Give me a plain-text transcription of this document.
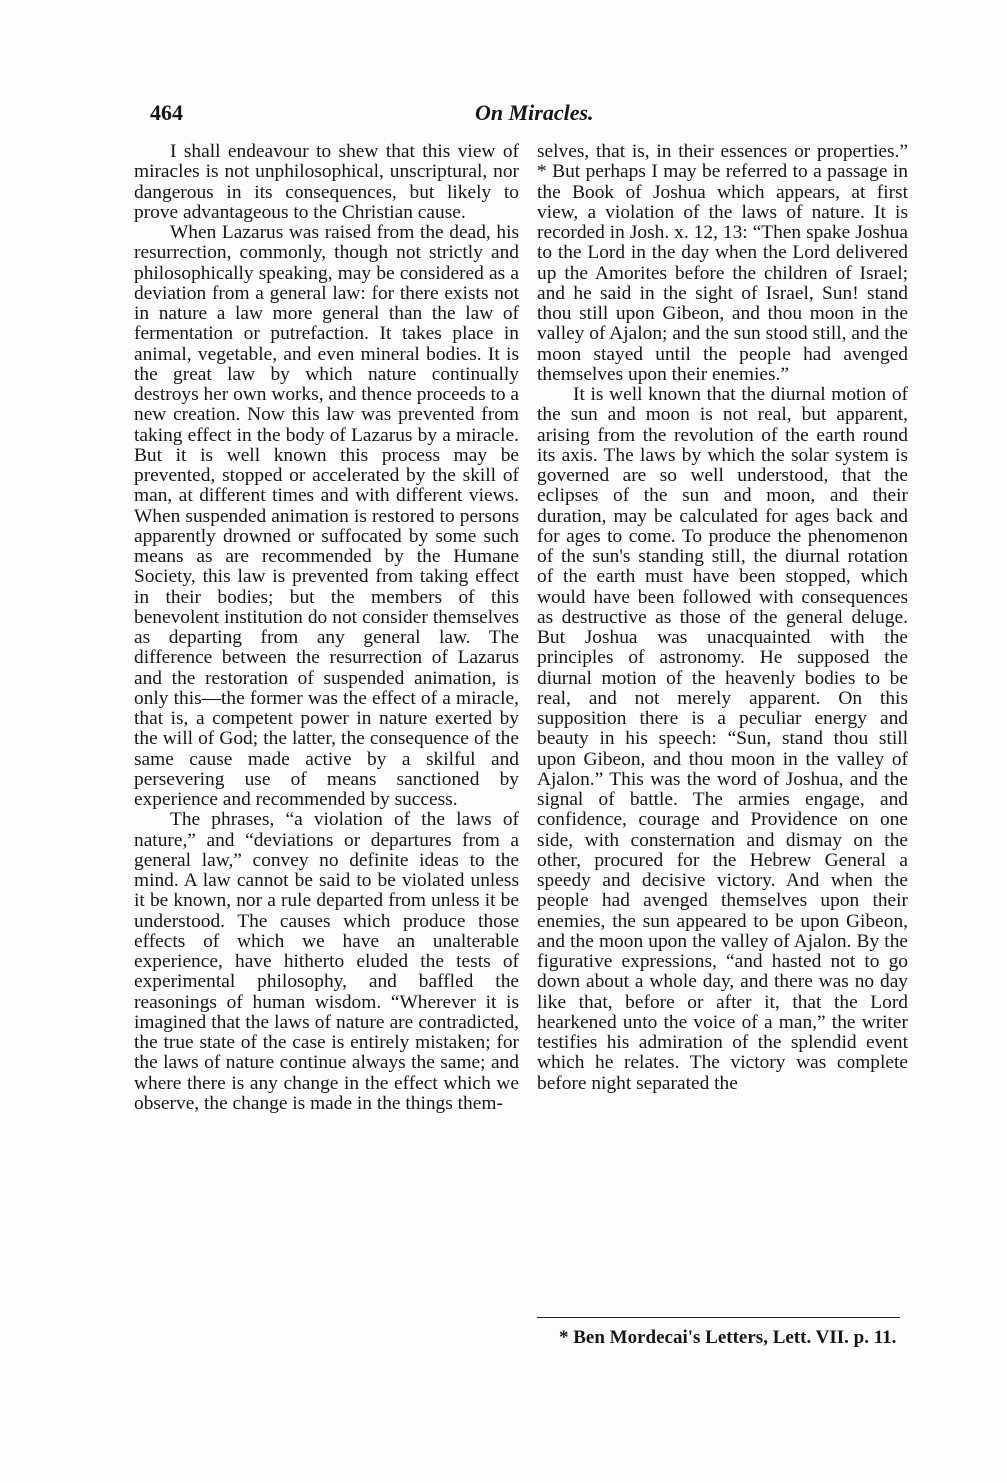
464	On Miracles.

I shall endeavour to shew that this view of miracles is not unphilosophical, unscriptural, nor dangerous in its consequences, but likely to prove advantageous to the Christian cause.

When Lazarus was raised from the dead, his resurrection, commonly, though not strictly and philosophically speaking, may be considered as a deviation from a general law: for there exists not in nature a law more general than the law of fermentation or putrefaction. It takes place in animal, vegetable, and even mineral bodies. It is the great law by which nature continually destroys her own works, and thence proceeds to a new creation. Now this law was prevented from taking effect in the body of Lazarus by a miracle. But it is well known this process may be prevented, stopped or accelerated by the skill of man, at different times and with different views. When suspended animation is restored to persons apparently drowned or suffocated by some such means as are recommended by the Humane Society, this law is prevented from taking effect in their bodies; but the members of this benevolent institution do not consider themselves as departing from any general law. The difference between the resurrection of Lazarus and the restoration of suspended animation, is only this—the former was the effect of a miracle, that is, a competent power in nature exerted by the will of God; the latter, the consequence of the same cause made active by a skilful and persevering use of means sanctioned by experience and recommended by success.

The phrases, “a violation of the laws of nature,” and “deviations or departures from a general law,” convey no definite ideas to the mind. A law cannot be said to be violated unless it be known, nor a rule departed from unless it be understood. The causes which produce those effects of which we have an unalterable experience, have hitherto eluded the tests of experimental philosophy, and baffled the reasonings of human wisdom. “Wherever it is imagined that the laws of nature are contradicted, the true state of the case is entirely mistaken; for the laws of nature continue always the same; and where there is any change in the effect which we observe, the change is made in the things them-

selves, that is, in their essences or properties.” * But perhaps I may be referred to a passage in the Book of Joshua which appears, at first view, a violation of the laws of nature. It is recorded in Josh. x. 12, 13: “Then spake Joshua to the Lord in the day when the Lord delivered up the Amorites before the children of Israel; and he said in the sight of Israel, Sun! stand thou still upon Gibeon, and thou moon in the valley of Ajalon; and the sun stood still, and the moon stayed until the people had avenged themselves upon their enemies.”

It is well known that the diurnal motion of the sun and moon is not real, but apparent, arising from the revolution of the earth round its axis. The laws by which the solar system is governed are so well understood, that the eclipses of the sun and moon, and their duration, may be calculated for ages back and for ages to come. To produce the phenomenon of the sun's standing still, the diurnal rotation of the earth must have been stopped, which would have been followed with consequences as destructive as those of the general deluge. But Joshua was unacquainted with the principles of astronomy. He supposed the diurnal motion of the heavenly bodies to be real, and not merely apparent. On this supposition there is a peculiar energy and beauty in his speech: “Sun, stand thou still upon Gibeon, and thou moon in the valley of Ajalon.” This was the word of Joshua, and the signal of battle. The armies engage, and confidence, courage and Providence on one side, with consternation and dismay on the other, procured for the Hebrew General a speedy and decisive victory. And when the people had avenged themselves upon their enemies, the sun appeared to be upon Gibeon, and the moon upon the valley of Ajalon. By the figurative expressions, “and hasted not to go down about a whole day, and there was no day like that, before or after it, that the Lord hearkened unto the voice of a man,” the writer testifies his admiration of the splendid event which he relates. The victory was complete before night separated the

* Ben Mordecai's Letters, Lett. VII. p. 11.
